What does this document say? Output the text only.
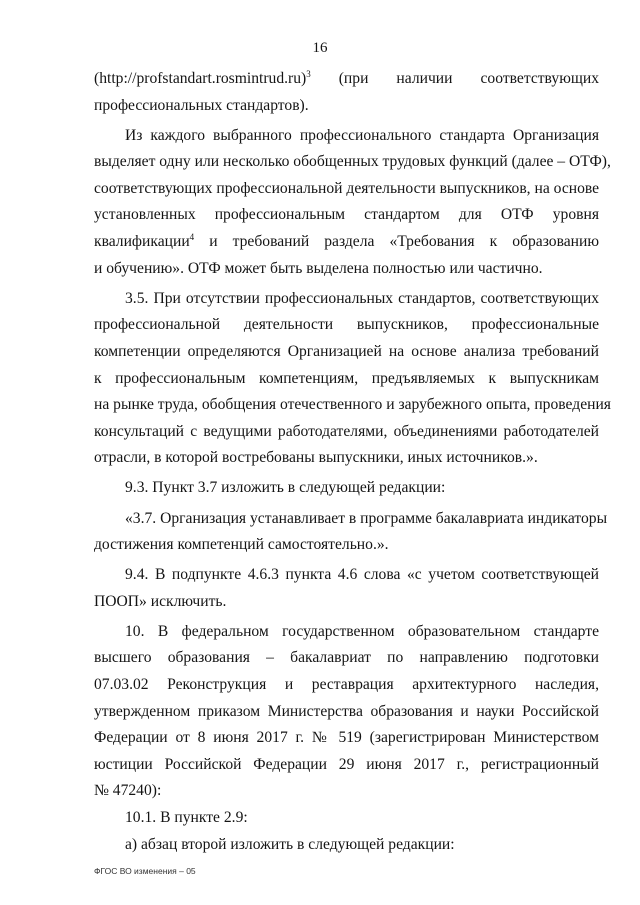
16
(http://profstandart.rosmintrud.ru)$^3$ (при наличии соответствующих
профессиональных стандартов).
Из каждого выбранного профессионального стандарта Организация
выделяет одну или несколько обобщенных трудовых функций (далее – ОТФ),
соответствующих профессиональной деятельности выпускников, на основе
установленных профессиональным стандартом для ОТФ уровня
квалификации$^4$ и требований раздела «Требования к образованию
и обучению». ОТФ может быть выделена полностью или частично.
3.5. При отсутствии профессиональных стандартов, соответствующих
профессиональной деятельности выпускников, профессиональные
компетенции определяются Организацией на основе анализа требований
к профессиональным компетенциям, предъявляемых к выпускникам
на рынке труда, обобщения отечественного и зарубежного опыта, проведения
консультаций с ведущими работодателями, объединениями работодателей
отрасли, в которой востребованы выпускники, иных источников.».
9.3. Пункт 3.7 изложить в следующей редакции:
«3.7. Организация устанавливает в программе бакалавриата индикаторы
достижения компетенций самостоятельно.».
9.4. В подпункте 4.6.3 пункта 4.6 слова «с учетом соответствующей
ПООП» исключить.
10. В федеральном государственном образовательном стандарте
высшего образования – бакалавриат по направлению подготовки
07.03.02 Реконструкция и реставрация архитектурного наследия,
утвержденном приказом Министерства образования и науки Российской
Федерации от 8 июня 2017 г. № 519 (зарегистрирован Министерством
юстиции Российской Федерации 29 июня 2017 г., регистрационный
№ 47240):
10.1. В пункте 2.9:
а) абзац второй изложить в следующей редакции:
ФГОС ВО изменения – 05
